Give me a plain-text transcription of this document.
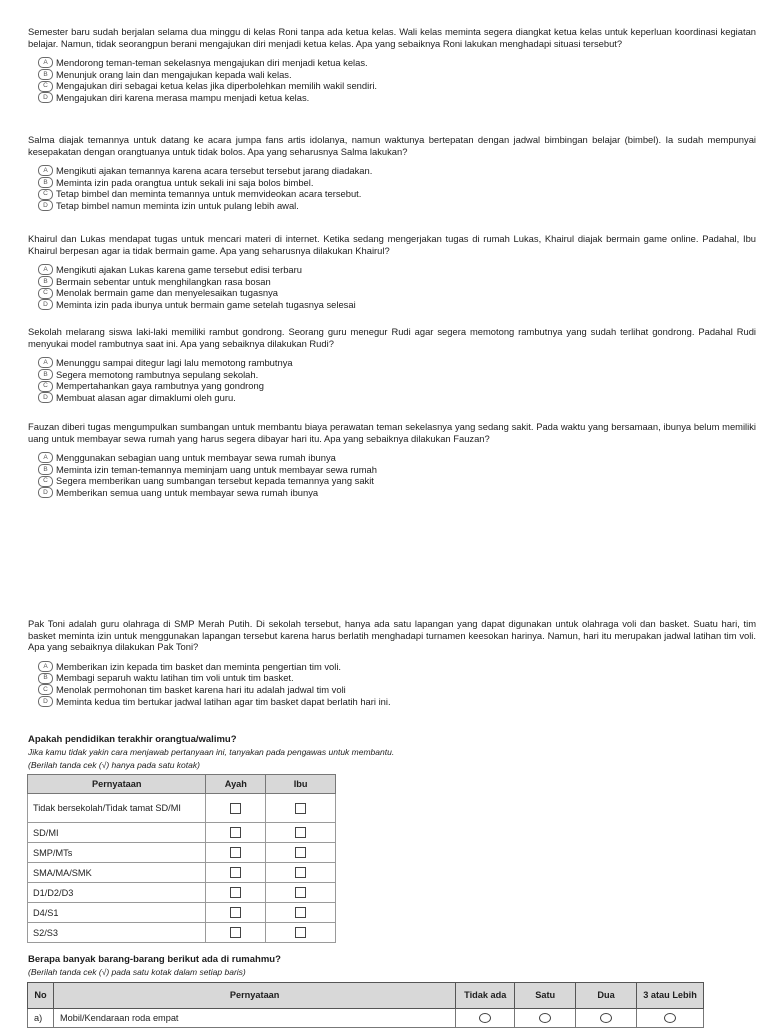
Semester baru sudah berjalan selama dua minggu di kelas Roni tanpa ada ketua kelas. Wali kelas meminta segera diangkat ketua kelas untuk keperluan koordinasi kegiatan belajar. Namun, tidak seorangpun berani mengajukan diri menjadi ketua kelas. Apa yang sebaiknya Roni lakukan menghadapi situasi tersebut?

A Mendorong teman-teman sekelasnya mengajukan diri menjadi ketua kelas.
B Menunjuk orang lain dan mengajukan kepada wali kelas.
C Mengajukan diri sebagai ketua kelas jika diperbolehkan memilih wakil sendiri.
D Mengajukan diri karena merasa mampu menjadi ketua kelas.

Salma diajak temannya untuk datang ke acara jumpa fans artis idolanya, namun waktunya bertepatan dengan jadwal bimbingan belajar (bimbel). Ia sudah mempunyai kesepakatan dengan orangtuanya untuk tidak bolos. Apa yang seharusnya Salma lakukan?

A Mengikuti ajakan temannya karena acara tersebut tersebut jarang diadakan.
B Meminta izin pada orangtua untuk sekali ini saja bolos bimbel.
C Tetap bimbel dan meminta temannya untuk memvideokan acara tersebut.
D Tetap bimbel namun meminta izin untuk pulang lebih awal.

Khairul dan Lukas mendapat tugas untuk mencari materi di internet. Ketika sedang mengerjakan tugas di rumah Lukas, Khairul diajak bermain game online. Padahal, Ibu Khairul berpesan agar ia tidak bermain game. Apa yang seharusnya dilakukan Khairul?

A Mengikuti ajakan Lukas karena game tersebut edisi terbaru
B Bermain sebentar untuk menghilangkan rasa bosan
C Menolak bermain game dan menyelesaikan tugasnya
D Meminta izin pada ibunya untuk bermain game setelah tugasnya selesai

Sekolah melarang siswa laki-laki memiliki rambut gondrong. Seorang guru menegur Rudi agar segera memotong rambutnya yang sudah terlihat gondrong. Padahal Rudi menyukai model rambutnya saat ini. Apa yang sebaiknya dilakukan Rudi?

A Menunggu sampai ditegur lagi lalu memotong rambutnya
B Segera memotong rambutnya sepulang sekolah.
C Mempertahankan gaya rambutnya yang gondrong
D Membuat alasan agar dimaklumi oleh guru.

Fauzan diberi tugas mengumpulkan sumbangan untuk membantu biaya perawatan teman sekelasnya yang sedang sakit. Pada waktu yang bersamaan, ibunya belum memiliki uang untuk membayar sewa rumah yang harus segera dibayar hari itu. Apa yang sebaiknya dilakukan Fauzan?

A Menggunakan sebagian uang untuk membayar sewa rumah ibunya
B Meminta izin teman-temannya meminjam uang untuk membayar sewa rumah
C Segera memberikan uang sumbangan tersebut kepada temannya yang sakit
D Memberikan semua uang untuk membayar sewa rumah ibunya

Pak Toni adalah guru olahraga di SMP Merah Putih. Di sekolah tersebut, hanya ada satu lapangan yang dapat digunakan untuk olahraga voli dan basket. Suatu hari, tim basket meminta izin untuk menggunakan lapangan tersebut karena harus berlatih menghadapi turnamen keesokan harinya. Namun, hari itu merupakan jadwal latihan tim voli. Apa yang sebaiknya dilakukan Pak Toni?

A Memberikan izin kepada tim basket dan meminta pengertian tim voli.
B Membagi separuh waktu latihan tim voli untuk tim basket.
C Menolak permohonan tim basket karena hari itu adalah jadwal tim voli
D Meminta kedua tim bertukar jadwal latihan agar tim basket dapat berlatih hari ini.

Apakah pendidikan terakhir orangtua/walimu?

Jika kamu tidak yakin cara menjawab pertanyaan ini, tanyakan pada pengawas untuk membantu.

(Berilah tanda cek (√) hanya pada satu kotak)

Pernyataan	Ayah	Ibu
Tidak bersekolah/Tidak tamat SD/MI		
SD/MI		
SMP/MTs		
SMA/MA/SMK		
D1/D2/D3		
D4/S1		
S2/S3		

Berapa banyak barang-barang berikut ada di rumahmu?

(Berilah tanda cek (√) pada satu kotak dalam setiap baris)

No	Pernyataan	Tidak ada	Satu	Dua	3 atau Lebih
a)	Mobil/Kendaraan roda empat				
